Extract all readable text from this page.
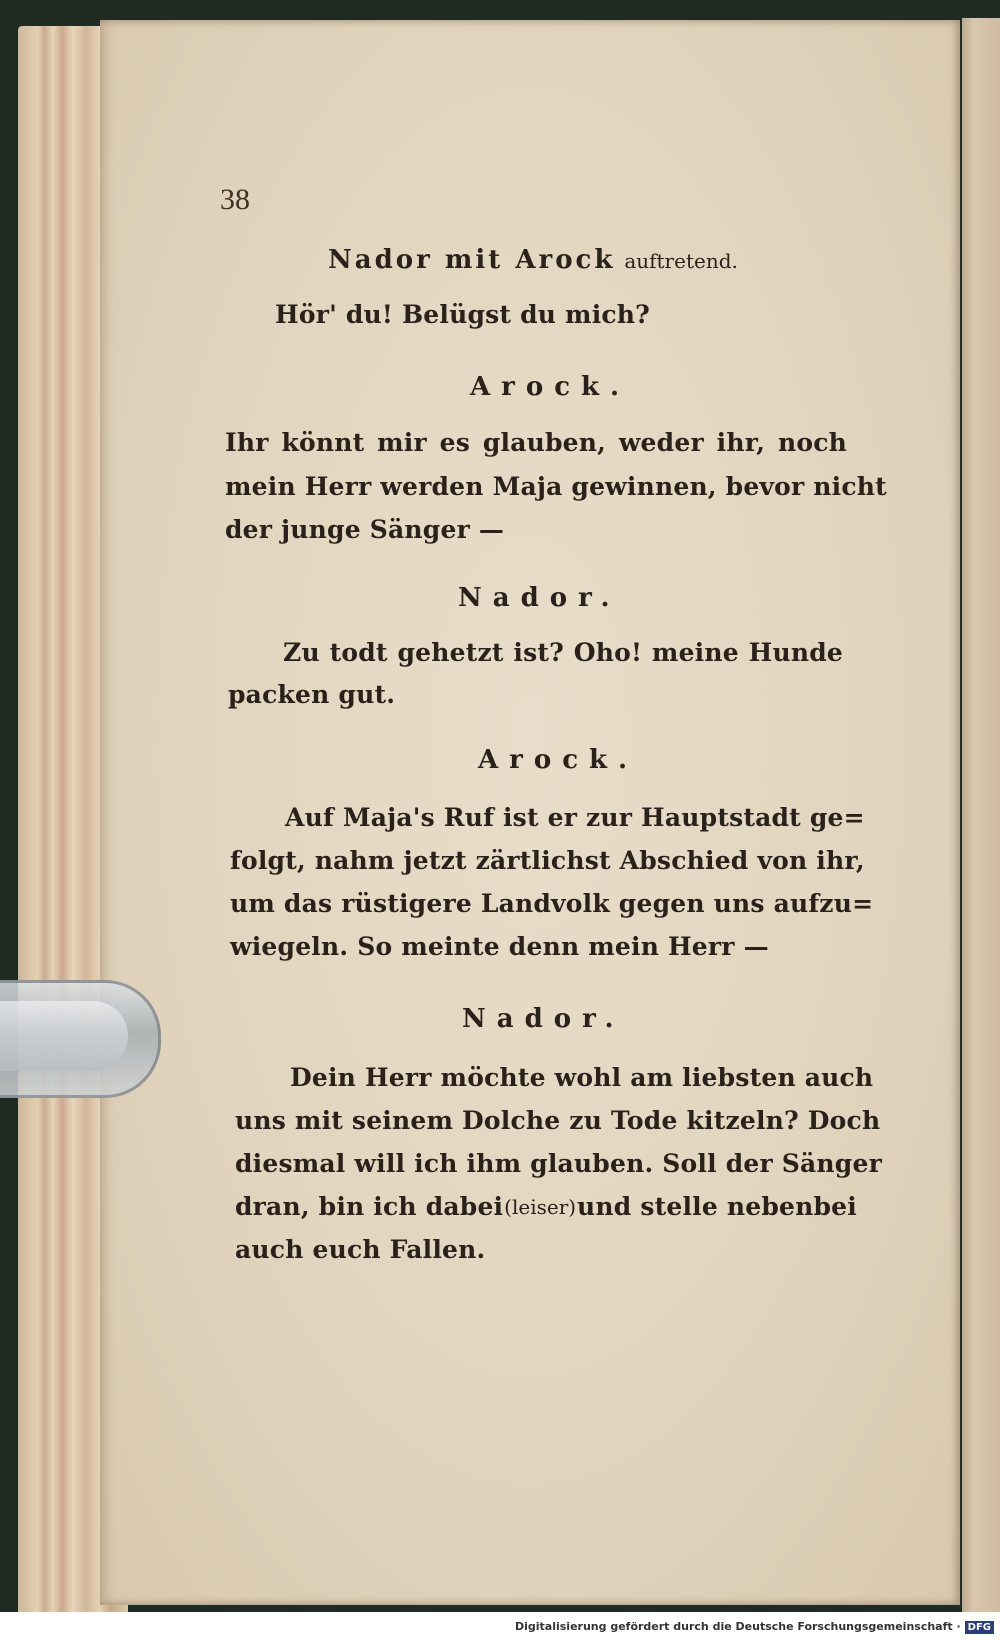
38
Nador mit Arock auftretend.
Hör' du! Belügst du mich?
Arock.
Ihr könnt mir es glauben, weder ihr, noch
mein Herr werden Maja gewinnen, bevor nicht
der junge Sänger —
Nador.
Zu todt gehetzt ist? Oho! meine Hunde
packen gut.
Arock.
Auf Maja's Ruf ist er zur Hauptstadt ge=
folgt, nahm jetzt zärtlichst Abschied von ihr,
um das rüstigere Landvolk gegen uns aufzu=
wiegeln. So meinte denn mein Herr —
Nador.
Dein Herr möchte wohl am liebsten auch
uns mit seinem Dolche zu Tode kitzeln? Doch
diesmal will ich ihm glauben. Soll der Sänger
dran, bin ich dabei (leiser) und stelle nebenbei
auch euch Fallen.
Digitalisierung gefördert durch die Deutsche Forschungsgemeinschaft · DFG
